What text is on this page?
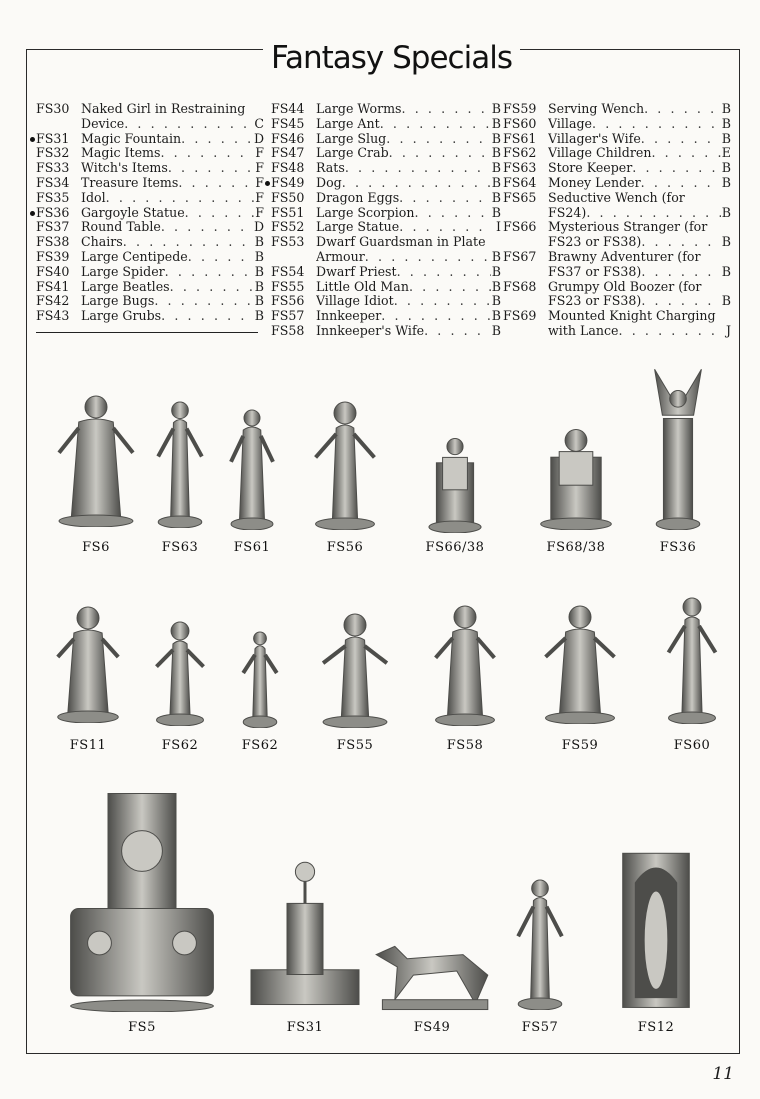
Fantasy Specials
FS30 Naked Girl in Restraining
Device . . .	C
FS31 Magic Fountain . . .	D
FS32 Magic Items . . .	F
FS33 Witch's Items . . .	F
FS34 Treasure Items . . .	F
FS35 Idol . . .	F
FS36 Gargoyle Statue . . .	F
FS37 Round Table . . .	D
FS38 Chairs . . .	B
FS39 Large Centipede . . .	B
FS40 Large Spider . . .	B
FS41 Large Beatles . . .	B
FS42 Large Bugs . . .	B
FS43 Large Grubs . . .	B
FS44 Large Worms . . .	B
FS45 Large Ant . . .	B
FS46 Large Slug . . .	B
FS47 Large Crab . . .	B
FS48 Rats . . .	B
FS49 Dog . . .	B
FS50 Dragon Eggs . . .	B
FS51 Large Scorpion . . .	B
FS52 Large Statue . . .	I
FS53 Dwarf Guardsman in Plate
Armour . . .	B
FS54 Dwarf Priest . . .	B
FS55 Little Old Man . . .	B
FS56 Village Idiot . . .	B
FS57 Innkeeper . . .	B
FS58 Innkeeper's Wife . . .	B
FS59 Serving Wench . . .	B
FS60 Village . . .	B
FS61 Villager's Wife . . .	B
FS62 Village Children . . .	E
FS63 Store Keeper . . .	B
FS64 Money Lender . . .	B
FS65 Seductive Wench (for
FS24) . . .	B
FS66 Mysterious Stranger (for
FS23 or FS38) . . .	B
FS67 Brawny Adventurer (for
FS37 or FS38) . . .	B
FS68 Grumpy Old Boozer (for
FS23 or FS38) . . .	B
FS69 Mounted Knight Charging
with Lance . . .	J
FS6	FS63	FS61	FS56	FS66/38	FS68/38	FS36
FS11	FS62	FS62	FS55	FS58	FS59	FS60
FS5	FS31	FS49	FS57	FS12
11
